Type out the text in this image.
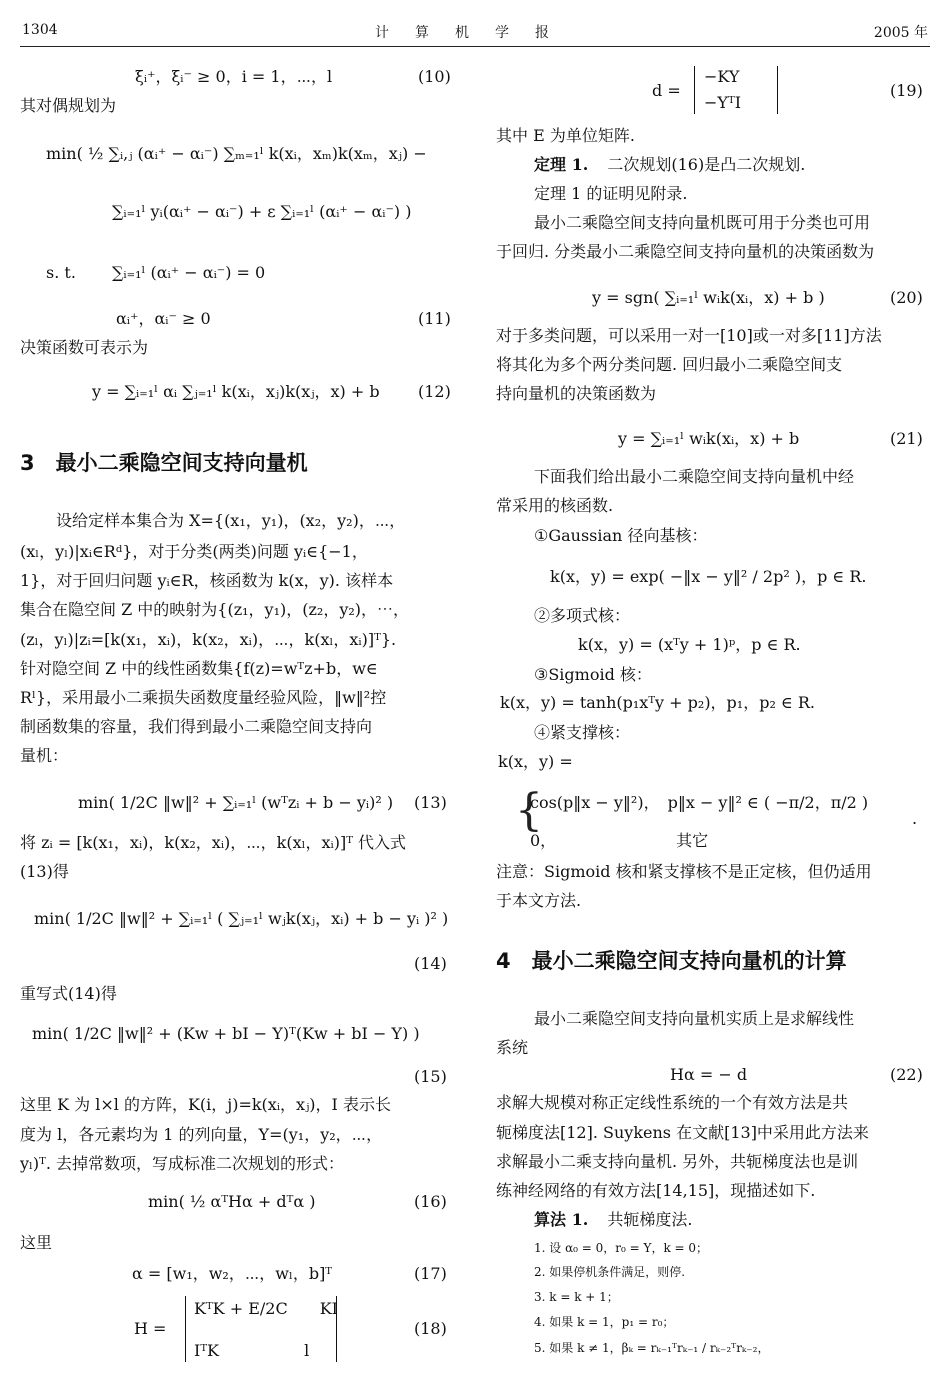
1304	计算机学报	2005 年
ξᵢ⁺，ξᵢ⁻ ≥ 0，i = 1，⋯，l	(10)
其对偶规划为
min( ½ ∑ᵢ,ⱼ (αᵢ⁺ − αᵢ⁻) ∑ₘ₌₁ˡ k(xᵢ，xₘ)k(xₘ，xⱼ) −
∑ᵢ₌₁ˡ yᵢ(αᵢ⁺ − αᵢ⁻) + ε ∑ᵢ₌₁ˡ (αᵢ⁺ − αᵢ⁻) )
s. t. ∑ᵢ₌₁ˡ (αᵢ⁺ − αᵢ⁻) = 0
αᵢ⁺，αᵢ⁻ ≥ 0	(11)
决策函数可表示为
y = ∑ᵢ₌₁ˡ αᵢ ∑ⱼ₌₁ˡ k(xᵢ，xⱼ)k(xⱼ，x) + b (12)
3　最小二乘隐空间支持向量机
设给定样本集合为 X={(x₁，y₁)，(x₂，y₂)，⋯，
(xₗ，yₗ)|xᵢ∈Rᵈ}，对于分类(两类)问题 yᵢ∈{−1，
1}，对于回归问题 yᵢ∈R，核函数为 k(x，y). 该样本
集合在隐空间 Z 中的映射为{(z₁，y₁)，(z₂，y₂)，⋯，
(zₗ，yₗ)|zᵢ=[k(x₁，xᵢ)，k(x₂，xᵢ)，⋯，k(xₗ，xᵢ)]ᵀ}.
针对隐空间 Z 中的线性函数集{f(z)=wᵀz+b，w∈
Rˡ}，采用最小二乘损失函数度量经验风险，‖w‖²控
制函数集的容量，我们得到最小二乘隐空间支持向
量机：
min( 1/2C ‖w‖² + ∑ᵢ₌₁ˡ (wᵀzᵢ + b − yᵢ)² ) (13)
将 zᵢ = [k(x₁，xᵢ)，k(x₂，xᵢ)，⋯，k(xₗ，xᵢ)]ᵀ 代入式
(13)得
min( 1/2C ‖w‖² + ∑ᵢ₌₁ˡ ( ∑ⱼ₌₁ˡ wⱼk(xⱼ，xᵢ) + b − yᵢ )² )
(14)
重写式(14)得
min( 1/2C ‖w‖² + (Kw + bI − Y)ᵀ(Kw + bI − Y) )
(15)
这里 K 为 l×l 的方阵，K(i，j)=k(xᵢ，xⱼ)，I 表示长
度为 l，各元素均为 1 的列向量，Y=(y₁，y₂，⋯，
yₗ)ᵀ. 去掉常数项，写成标准二次规划的形式：
min( ½ αᵀHα + dᵀα )	(16)
这里
α = [w₁，w₂，⋯，wₗ，b]ᵀ	(17)
H =
KᵀK + E/2C　　KI
IᵀK　　　　　 l
(18)
d =
−KY
−YᵀI
(19)
其中 E 为单位矩阵.
定理 1. 二次规划(16)是凸二次规划.
定理 1 的证明见附录.
最小二乘隐空间支持向量机既可用于分类也可用
于回归. 分类最小二乘隐空间支持向量机的决策函数为
y = sgn( ∑ᵢ₌₁ˡ wᵢk(xᵢ，x) + b )	(20)
对于多类问题，可以采用一对一[10]或一对多[11]方法
将其化为多个两分类问题. 回归最小二乘隐空间支
持向量机的决策函数为
y = ∑ᵢ₌₁ˡ wᵢk(xᵢ，x) + b	(21)
下面我们给出最小二乘隐空间支持向量机中经
常采用的核函数.
①Gaussian 径向基核：
k(x，y) = exp( −‖x − y‖² / 2p² )，p ∈ R.
②多项式核：
k(x，y) = (xᵀy + 1)ᵖ，p ∈ R.
③Sigmoid 核：
k(x，y) = tanh(p₁xᵀy + p₂)，p₁，p₂ ∈ R.
④紧支撑核：
k(x，y) =
{
cos(p‖x − y‖²)，　p‖x − y‖² ∈ ( −π/2，π/2 )
0，　　　　　　　　其它
.
注意：Sigmoid 核和紧支撑核不是正定核，但仍适用
于本文方法.
4　最小二乘隐空间支持向量机的计算
最小二乘隐空间支持向量机实质上是求解线性
系统
Hα = − d	(22)
求解大规模对称正定线性系统的一个有效方法是共
轭梯度法[12]. Suykens 在文献[13]中采用此方法来
求解最小二乘支持向量机. 另外，共轭梯度法也是训
练神经网络的有效方法[14,15]，现描述如下.
算法 1. 共轭梯度法.
1. 设 α₀ = 0，r₀ = Y，k = 0；
2. 如果停机条件满足，则停.
3. k = k + 1；
4. 如果 k = 1，p₁ = r₀；
5. 如果 k ≠ 1，βₖ = rₖ₋₁ᵀrₖ₋₁ / rₖ₋₂ᵀrₖ₋₂，
